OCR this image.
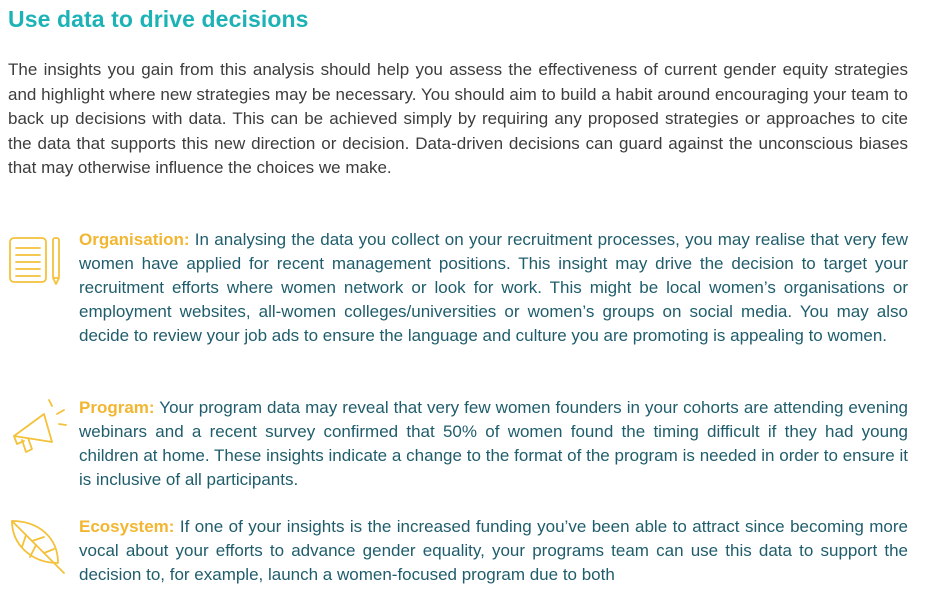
Use data to drive decisions

The insights you gain from this analysis should help you assess the effectiveness of current gender equity strategies and highlight where new strategies may be necessary. You should aim to build a habit around encouraging your team to back up decisions with data. This can be achieved simply by requiring any proposed strategies or approaches to cite the data that supports this new direction or decision. Data-driven decisions can guard against the unconscious biases that may otherwise influence the choices we make.

Organisation: In analysing the data you collect on your recruitment processes, you may realise that very few women have applied for recent management positions. This insight may drive the decision to target your recruitment efforts where women network or look for work. This might be local women’s organisations or employment websites, all-women colleges/universities or women’s groups on social media. You may also decide to review your job ads to ensure the language and culture you are promoting is appealing to women.

Program: Your program data may reveal that very few women founders in your cohorts are attending evening webinars and a recent survey confirmed that 50% of women found the timing difficult if they had young children at home. These insights indicate a change to the format of the program is needed in order to ensure it is inclusive of all participants.

Ecosystem: If one of your insights is the increased funding you’ve been able to attract since becoming more vocal about your efforts to advance gender equality, your programs team can use this data to support the decision to, for example, launch a women-focused program due to both
